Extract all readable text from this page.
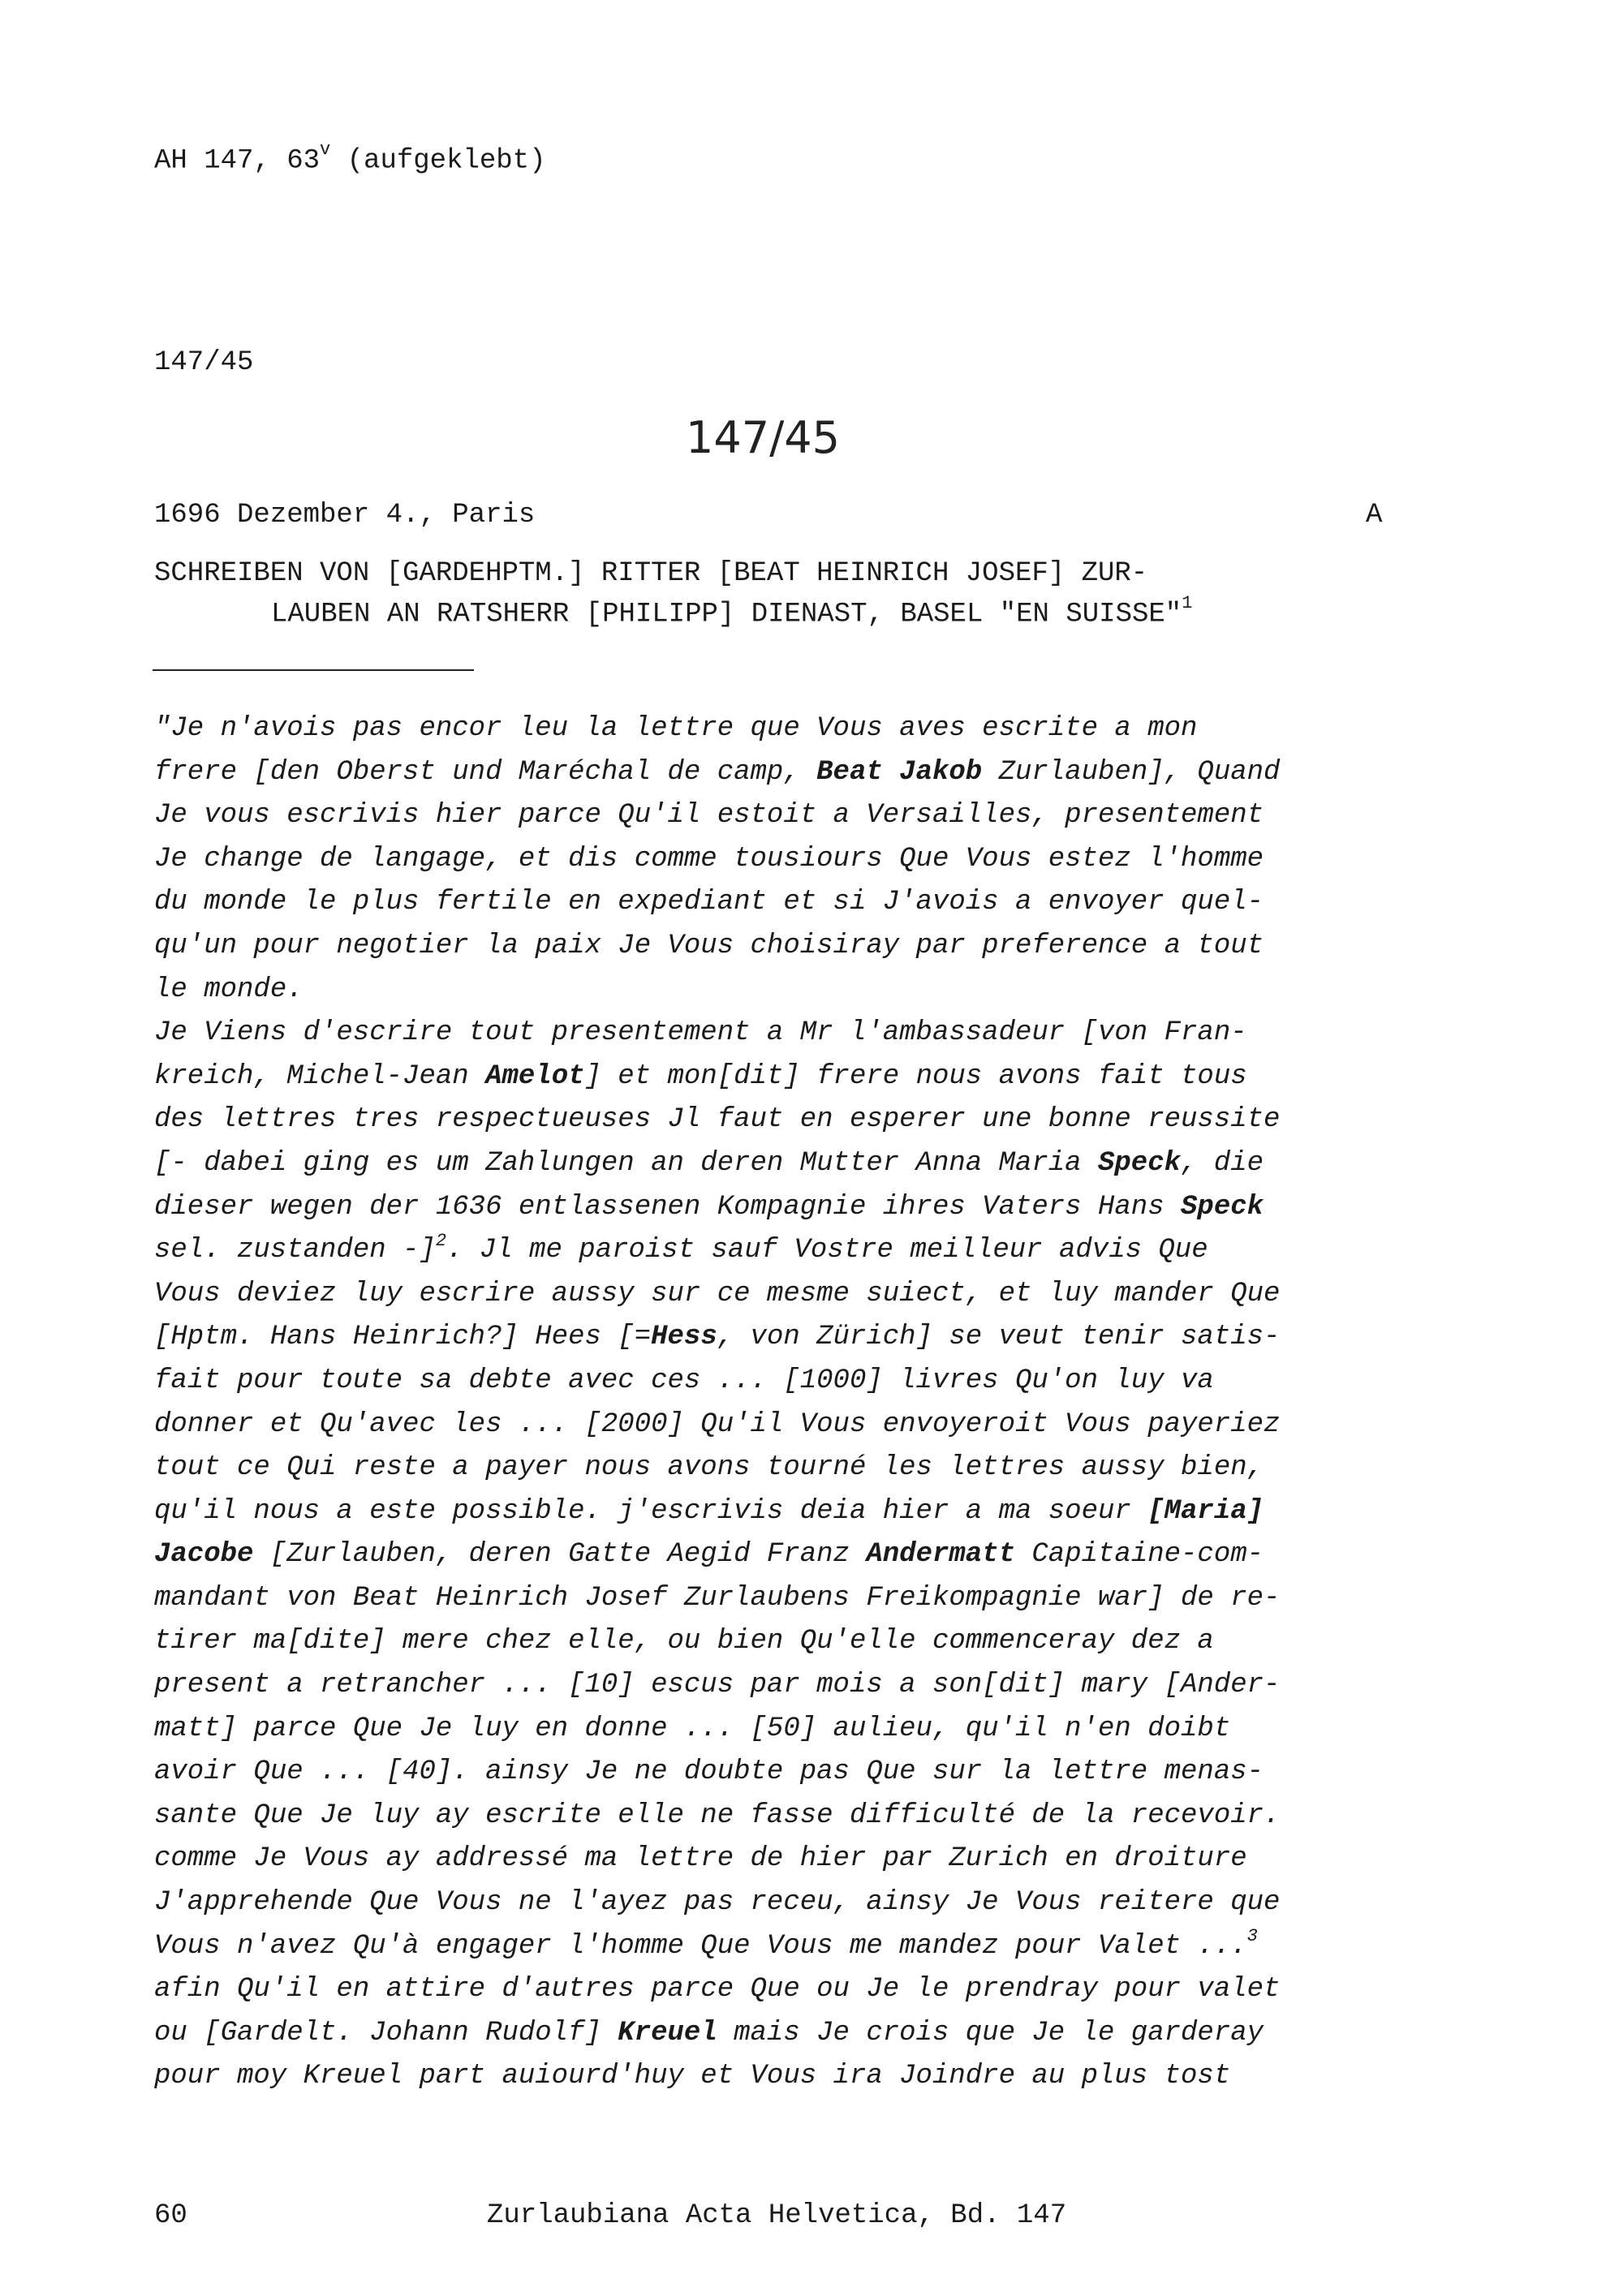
AH 147, 63$^v$ (aufgeklebt)
147/45
147/45
1696 Dezember 4., Paris	A
SCHREIBEN VON [GARDEHPTM.] RITTER [BEAT HEINRICH JOSEF] ZUR-
LAUBEN AN RATSHERR [PHILIPP] DIENAST, BASEL "EN SUISSE"$^1$
"Je n'avois pas encor leu la lettre que Vous aves escrite a mon
frere [den Oberst und Maréchal de camp, Beat Jakob Zurlauben], Quand
Je vous escrivis hier parce Qu'il estoit a Versailles, presentement
Je change de langage, et dis comme tousiours Que Vous estez l'homme
du monde le plus fertile en expediant et si J'avois a envoyer quel-
qu'un pour negotier la paix Je Vous choisiray par preference a tout
le monde.
Je Viens d'escrire tout presentement a Mr l'ambassadeur [von Fran-
kreich, Michel-Jean Amelot] et mon[dit] frere nous avons fait tous
des lettres tres respectueuses Jl faut en esperer une bonne reussite
[- dabei ging es um Zahlungen an deren Mutter Anna Maria Speck, die
dieser wegen der 1636 entlassenen Kompagnie ihres Vaters Hans Speck
sel. zustanden -]$^2$. Jl me paroist sauf Vostre meilleur advis Que
Vous deviez luy escrire aussy sur ce mesme suiect, et luy mander Que
[Hptm. Hans Heinrich?] Hees [=Hess, von Zürich] se veut tenir satis-
fait pour toute sa debte avec ces ... [1000] livres Qu'on luy va
donner et Qu'avec les ... [2000] Qu'il Vous envoyeroit Vous payeriez
tout ce Qui reste a payer nous avons tourné les lettres aussy bien,
qu'il nous a este possible. j'escrivis deia hier a ma soeur [Maria]
Jacobe [Zurlauben, deren Gatte Aegid Franz Andermatt Capitaine-com-
mandant von Beat Heinrich Josef Zurlaubens Freikompagnie war] de re-
tirer ma[dite] mere chez elle, ou bien Qu'elle commenceray dez a
present a retrancher ... [10] escus par mois a son[dit] mary [Ander-
matt] parce Que Je luy en donne ... [50] aulieu, qu'il n'en doibt
avoir Que ... [40]. ainsy Je ne doubte pas Que sur la lettre menas-
sante Que Je luy ay escrite elle ne fasse difficulté de la recevoir.
comme Je Vous ay addressé ma lettre de hier par Zurich en droiture
J'apprehende Que Vous ne l'ayez pas receu, ainsy Je Vous reitere que
Vous n'avez Qu'à engager l'homme Que Vous me mandez pour Valet ...$^3$
afin Qu'il en attire d'autres parce Que ou Je le prendray pour valet
ou [Gardelt. Johann Rudolf] Kreuel mais Je crois que Je le garderay
pour moy Kreuel part auiourd'huy et Vous ira Joindre au plus tost
60	Zurlaubiana Acta Helvetica, Bd. 147
